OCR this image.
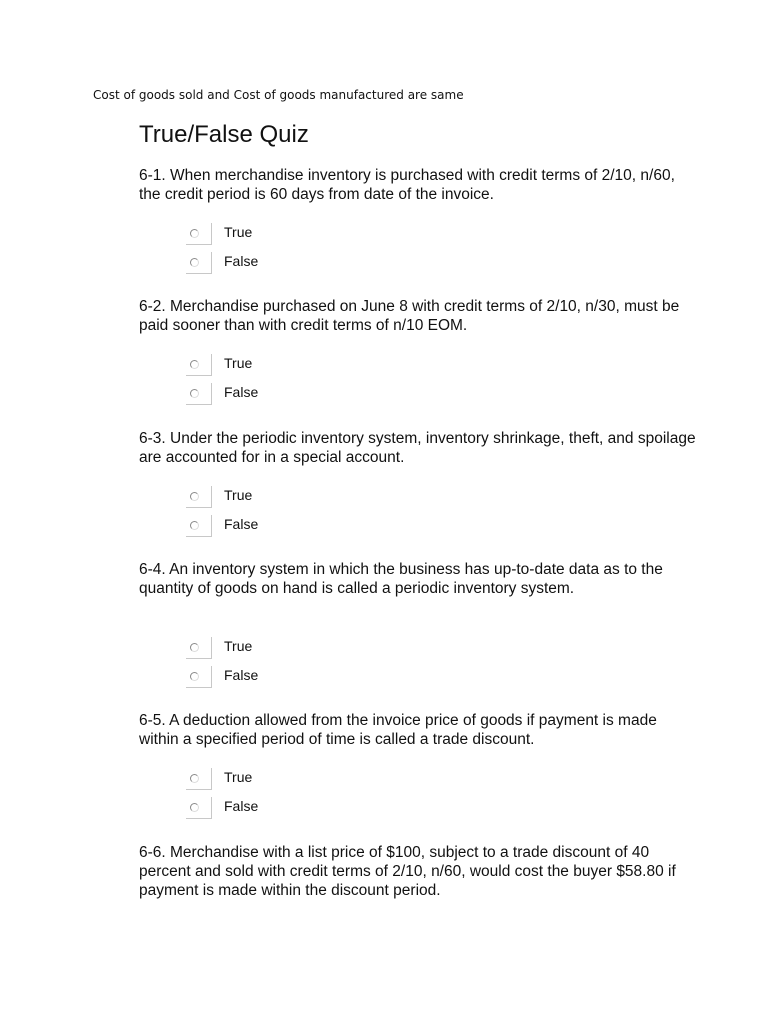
Cost of goods sold and Cost of goods manufactured are same
True/False Quiz

6-1. When merchandise inventory is purchased with credit terms of 2/10, n/60, the credit period is 60 days from date of the invoice.

True
False

6-2. Merchandise purchased on June 8 with credit terms of 2/10, n/30, must be paid sooner than with credit terms of n/10 EOM.

True
False

6-3. Under the periodic inventory system, inventory shrinkage, theft, and spoilage are accounted for in a special account.

True
False

6-4. An inventory system in which the business has up-to-date data as to the quantity of goods on hand is called a periodic inventory system.

True
False

6-5. A deduction allowed from the invoice price of goods if payment is made within a specified period of time is called a trade discount.

True
False

6-6. Merchandise with a list price of $100, subject to a trade discount of 40 percent and sold with credit terms of 2/10, n/60, would cost the buyer $58.80 if payment is made within the discount period.
